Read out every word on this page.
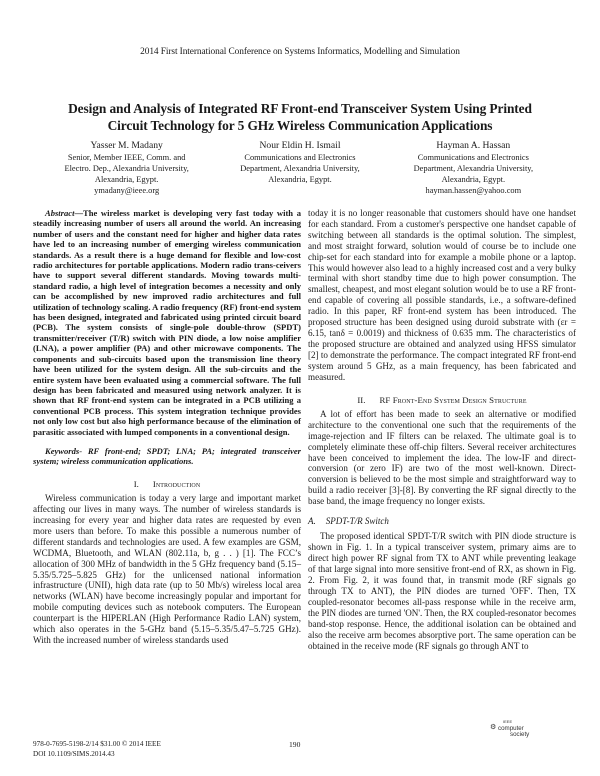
2014 First International Conference on Systems Informatics, Modelling and Simulation
Design and Analysis of Integrated RF Front-end Transceiver System Using Printed
Circuit Technology for 5 GHz Wireless Communication Applications
Yasser M. Madany
Senior, Member IEEE, Comm. and
Electro. Dep., Alexandria University,
Alexandria, Egypt.
ymadany@ieee.org
Nour Eldin H. Ismail
Communications and Electronics
Department, Alexandria University,
Alexandria, Egypt.
Hayman A. Hassan
Communications and Electronics
Department, Alexandria University,
Alexandria, Egypt.
hayman.hassen@yahoo.com

Abstract—The wireless market is developing very fast today with a steadily increasing number of users all around the world. An increasing number of users and the constant need for higher and higher data rates have led to an increasing number of emerging wireless communication standards. As a result there is a huge demand for flexible and low-cost radio architectures for portable applications. Modern radio trans-ceivers have to support several different standards. Moving towards multi-standard radio, a high level of integration becomes a necessity and only can be accomplished by new improved radio architectures and full utilization of technology scaling. A radio frequency (RF) front-end system has been designed, integrated and fabricated using printed circuit board (PCB). The system consists of single-pole double-throw (SPDT) transmitter/receiver (T/R) switch with PIN diode, a low noise amplifier (LNA), a power amplifier (PA) and other microwave components. The components and sub-circuits based upon the transmission line theory have been utilized for the system design. All the sub-circuits and the entire system have been evaluated using a commercial software. The full design has been fabricated and measured using network analyzer. It is shown that RF front-end system can be integrated in a PCB utilizing a conventional PCB process. This system integration technique provides not only low cost but also high performance because of the elimination of parasitic associated with lumped components in a conventional design.

Keywords- RF front-end; SPDT; LNA; PA; integrated transceiver system; wireless communication applications.

I. Introduction

Wireless communication is today a very large and important market affecting our lives in many ways. The number of wireless standards is increasing for every year and higher data rates are requested by even more users than before. To make this possible a numerous number of different standards and technologies are used. A few examples are GSM, WCDMA, Bluetooth, and WLAN (802.11a, b, g . . ) [1]. The FCC’s allocation of 300 MHz of bandwidth in the 5 GHz frequency band (5.15–5.35/5.725–5.825 GHz) for the unlicensed national information infrastructure (UNII), high data rate (up to 50 Mb/s) wireless local area networks (WLAN) have become increasingly popular and important for mobile computing devices such as notebook computers. The European counterpart is the HIPERLAN (High Performance Radio LAN) system, which also operates in the 5-GHz band (5.15–5.35/5.47–5.725 GHz). With the increased number of wireless standards used

today it is no longer reasonable that customers should have one handset for each standard. From a customer's perspective one handset capable of switching between all standards is the optimal solution. The simplest, and most straight forward, solution would of course be to include one chip-set for each standard into for example a mobile phone or a laptop. This would however also lead to a highly increased cost and a very bulky terminal with short standby time due to high power consumption. The smallest, cheapest, and most elegant solution would be to use a RF front-end capable of covering all possible standards, i.e., a software-defined radio. In this paper, RF front-end system has been introduced. The proposed structure has been designed using duroid substrate with (εr = 6.15, tanδ = 0.0019) and thickness of 0.635 mm. The characteristics of the proposed structure are obtained and analyzed using HFSS simulator [2] to demonstrate the performance. The compact integrated RF front-end system around 5 GHz, as a main frequency, has been fabricated and measured.

II. RF Front-End System Design Structure

A lot of effort has been made to seek an alternative or modified architecture to the conventional one such that the requirements of the image-rejection and IF filters can be relaxed. The ultimate goal is to completely eliminate these off-chip filters. Several receiver architectures have been conceived to implement the idea. The low-IF and direct-conversion (or zero IF) are two of the most well-known. Direct-conversion is believed to be the most simple and straightforward way to build a radio receiver [3]-[8]. By converting the RF signal directly to the base band, the image frequency no longer exists.

A. SPDT-T/R Switch

The proposed identical SPDT-T/R switch with PIN diode structure is shown in Fig. 1. In a typical transceiver system, primary aims are to direct high power RF signal from TX to ANT while preventing leakage of that large signal into more sensitive front-end of RX, as shown in Fig. 2. From Fig. 2, it was found that, in transmit mode (RF signals go through TX to ANT), the PIN diodes are turned 'OFF'. Then, TX coupled-resonator becomes all-pass response while in the receive arm, the PIN diodes are turned 'ON'. Then, the RX coupled-resonator becomes band-stop response. Hence, the additional isolation can be obtained and also the receive arm becomes absorptive port. The same operation can be obtained in the receive mode (RF signals go through ANT to

978-0-7695-5198-2/14 $31.00 © 2014 IEEE
DOI 10.1109/SIMS.2014.43
190
IEEE
⚙ computer
society
